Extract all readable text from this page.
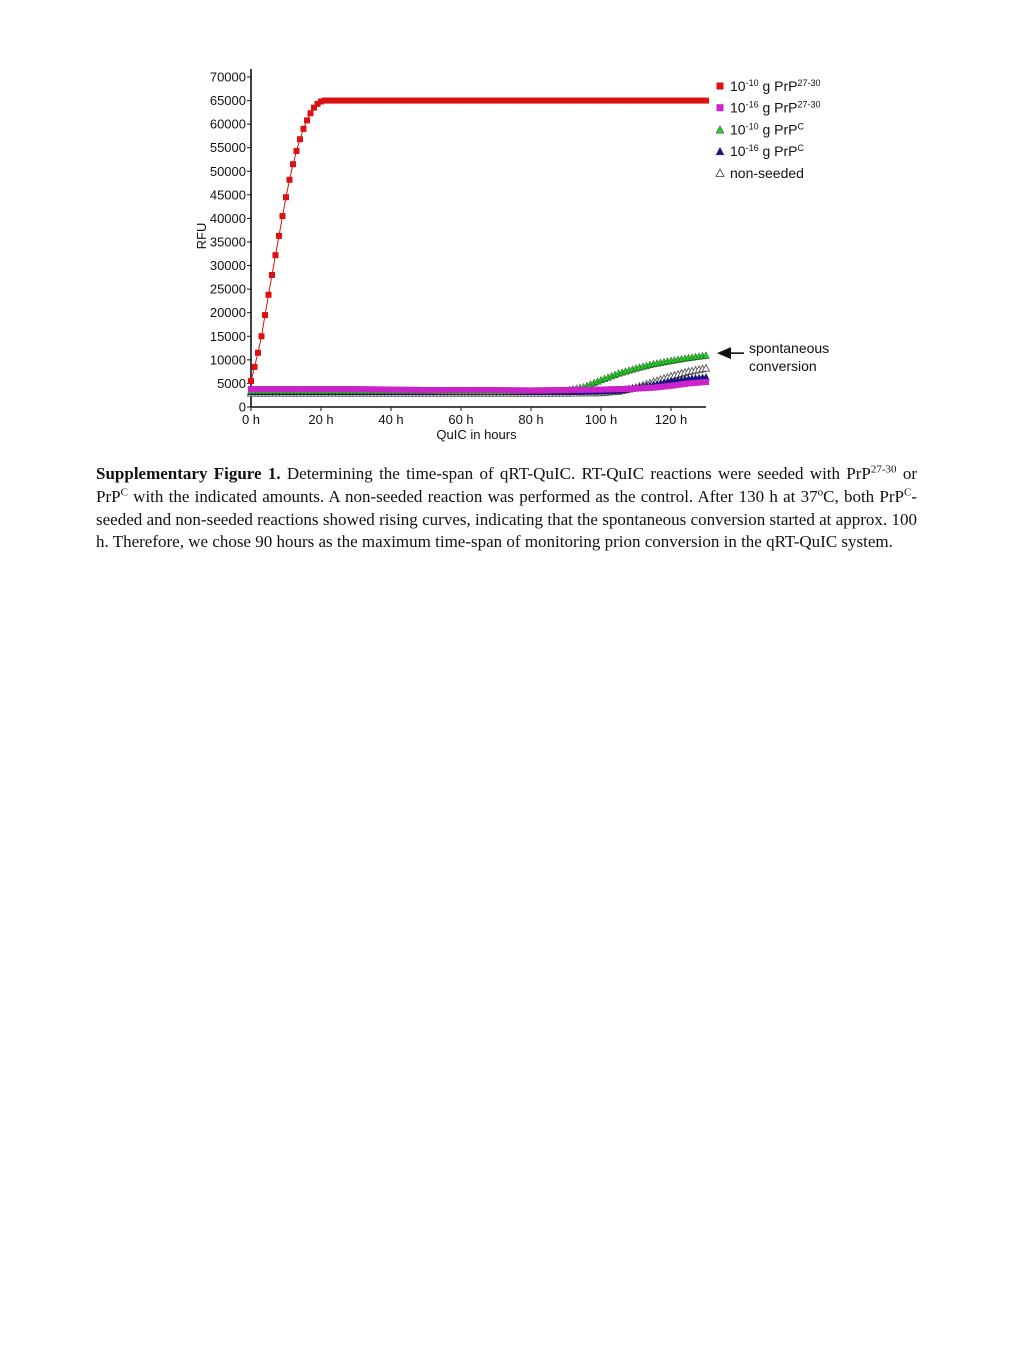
0
5000
10000
15000
20000
25000
30000
35000
40000
45000
50000
55000
60000
65000
70000
0 h	20 h	40 h	60 h	80 h	100 h	120 h
QuIC in hours
RFU
$10^{-10}$ g PrP$^{27-30}$
$10^{-16}$ g PrP$^{27-30}$
$10^{-10}$ g PrP$^C$
$10^{-16}$ g PrP$^C$
non-seeded
spontaneous
conversion

Supplementary Figure 1. Determining the time-span of qRT-QuIC. RT-QuIC reactions were seeded with PrP$^{27-30}$ or PrP$^C$ with the indicated amounts. A non-seeded reaction was performed as the control. After 130 h at 37$^o$C, both PrP$^C$-seeded and non-seeded reactions showed rising curves, indicating that the spontaneous conversion started at approx. 100 h. Therefore, we chose 90 hours as the maximum time-span of monitoring prion conversion in the qRT-QuIC system.
